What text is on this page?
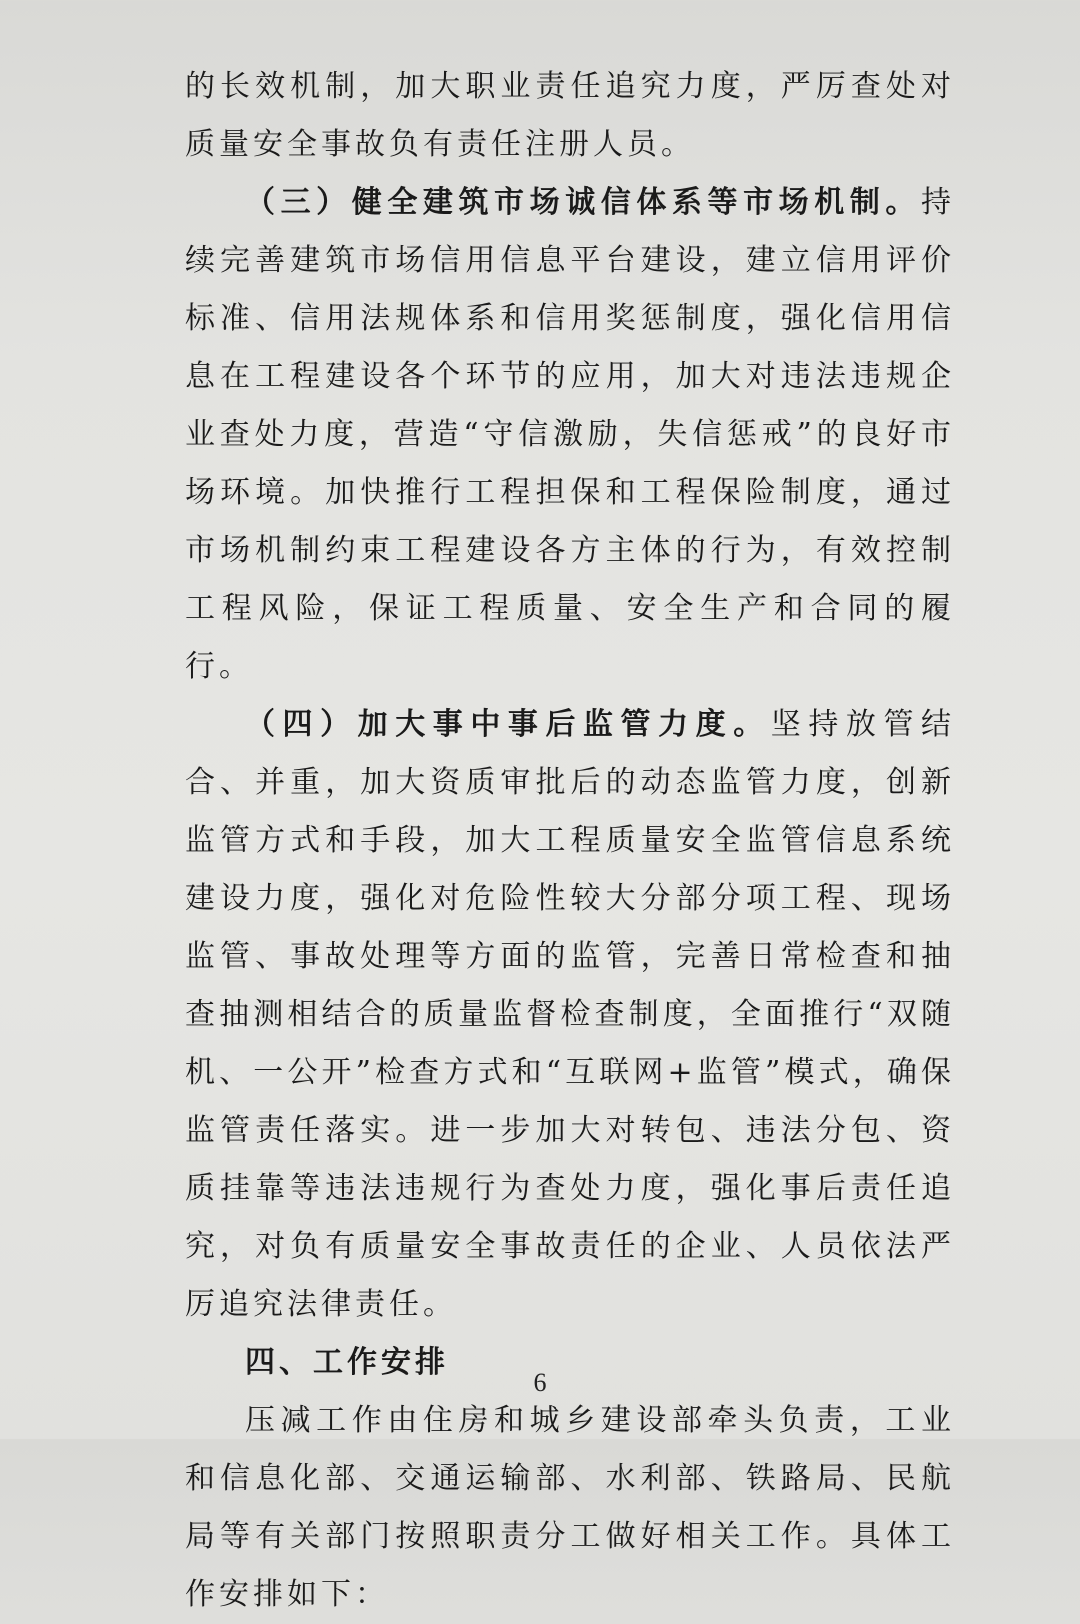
的长效机制，加大职业责任追究力度，严厉查处对质量安全事故负有责任注册人员。

（三）健全建筑市场诚信体系等市场机制。持续完善建筑市场信用信息平台建设，建立信用评价标准、信用法规体系和信用奖惩制度，强化信用信息在工程建设各个环节的应用，加大对违法违规企业查处力度，营造“守信激励，失信惩戒”的良好市场环境。加快推行工程担保和工程保险制度，通过市场机制约束工程建设各方主体的行为，有效控制工程风险，保证工程质量、安全生产和合同的履行。

（四）加大事中事后监管力度。坚持放管结合、并重，加大资质审批后的动态监管力度，创新监管方式和手段，加大工程质量安全监管信息系统建设力度，强化对危险性较大分部分项工程、现场监管、事故处理等方面的监管，完善日常检查和抽查抽测相结合的质量监督检查制度，全面推行“双随机、一公开”检查方式和“互联网+监管”模式，确保监管责任落实。进一步加大对转包、违法分包、资质挂靠等违法违规行为查处力度，强化事后责任追究，对负有质量安全事故责任的企业、人员依法严厉追究法律责任。

四、工作安排

压减工作由住房和城乡建设部牵头负责，工业和信息化部、交通运输部、水利部、铁路局、民航局等有关部门按照职责分工做好相关工作。具体工作安排如下：

6
